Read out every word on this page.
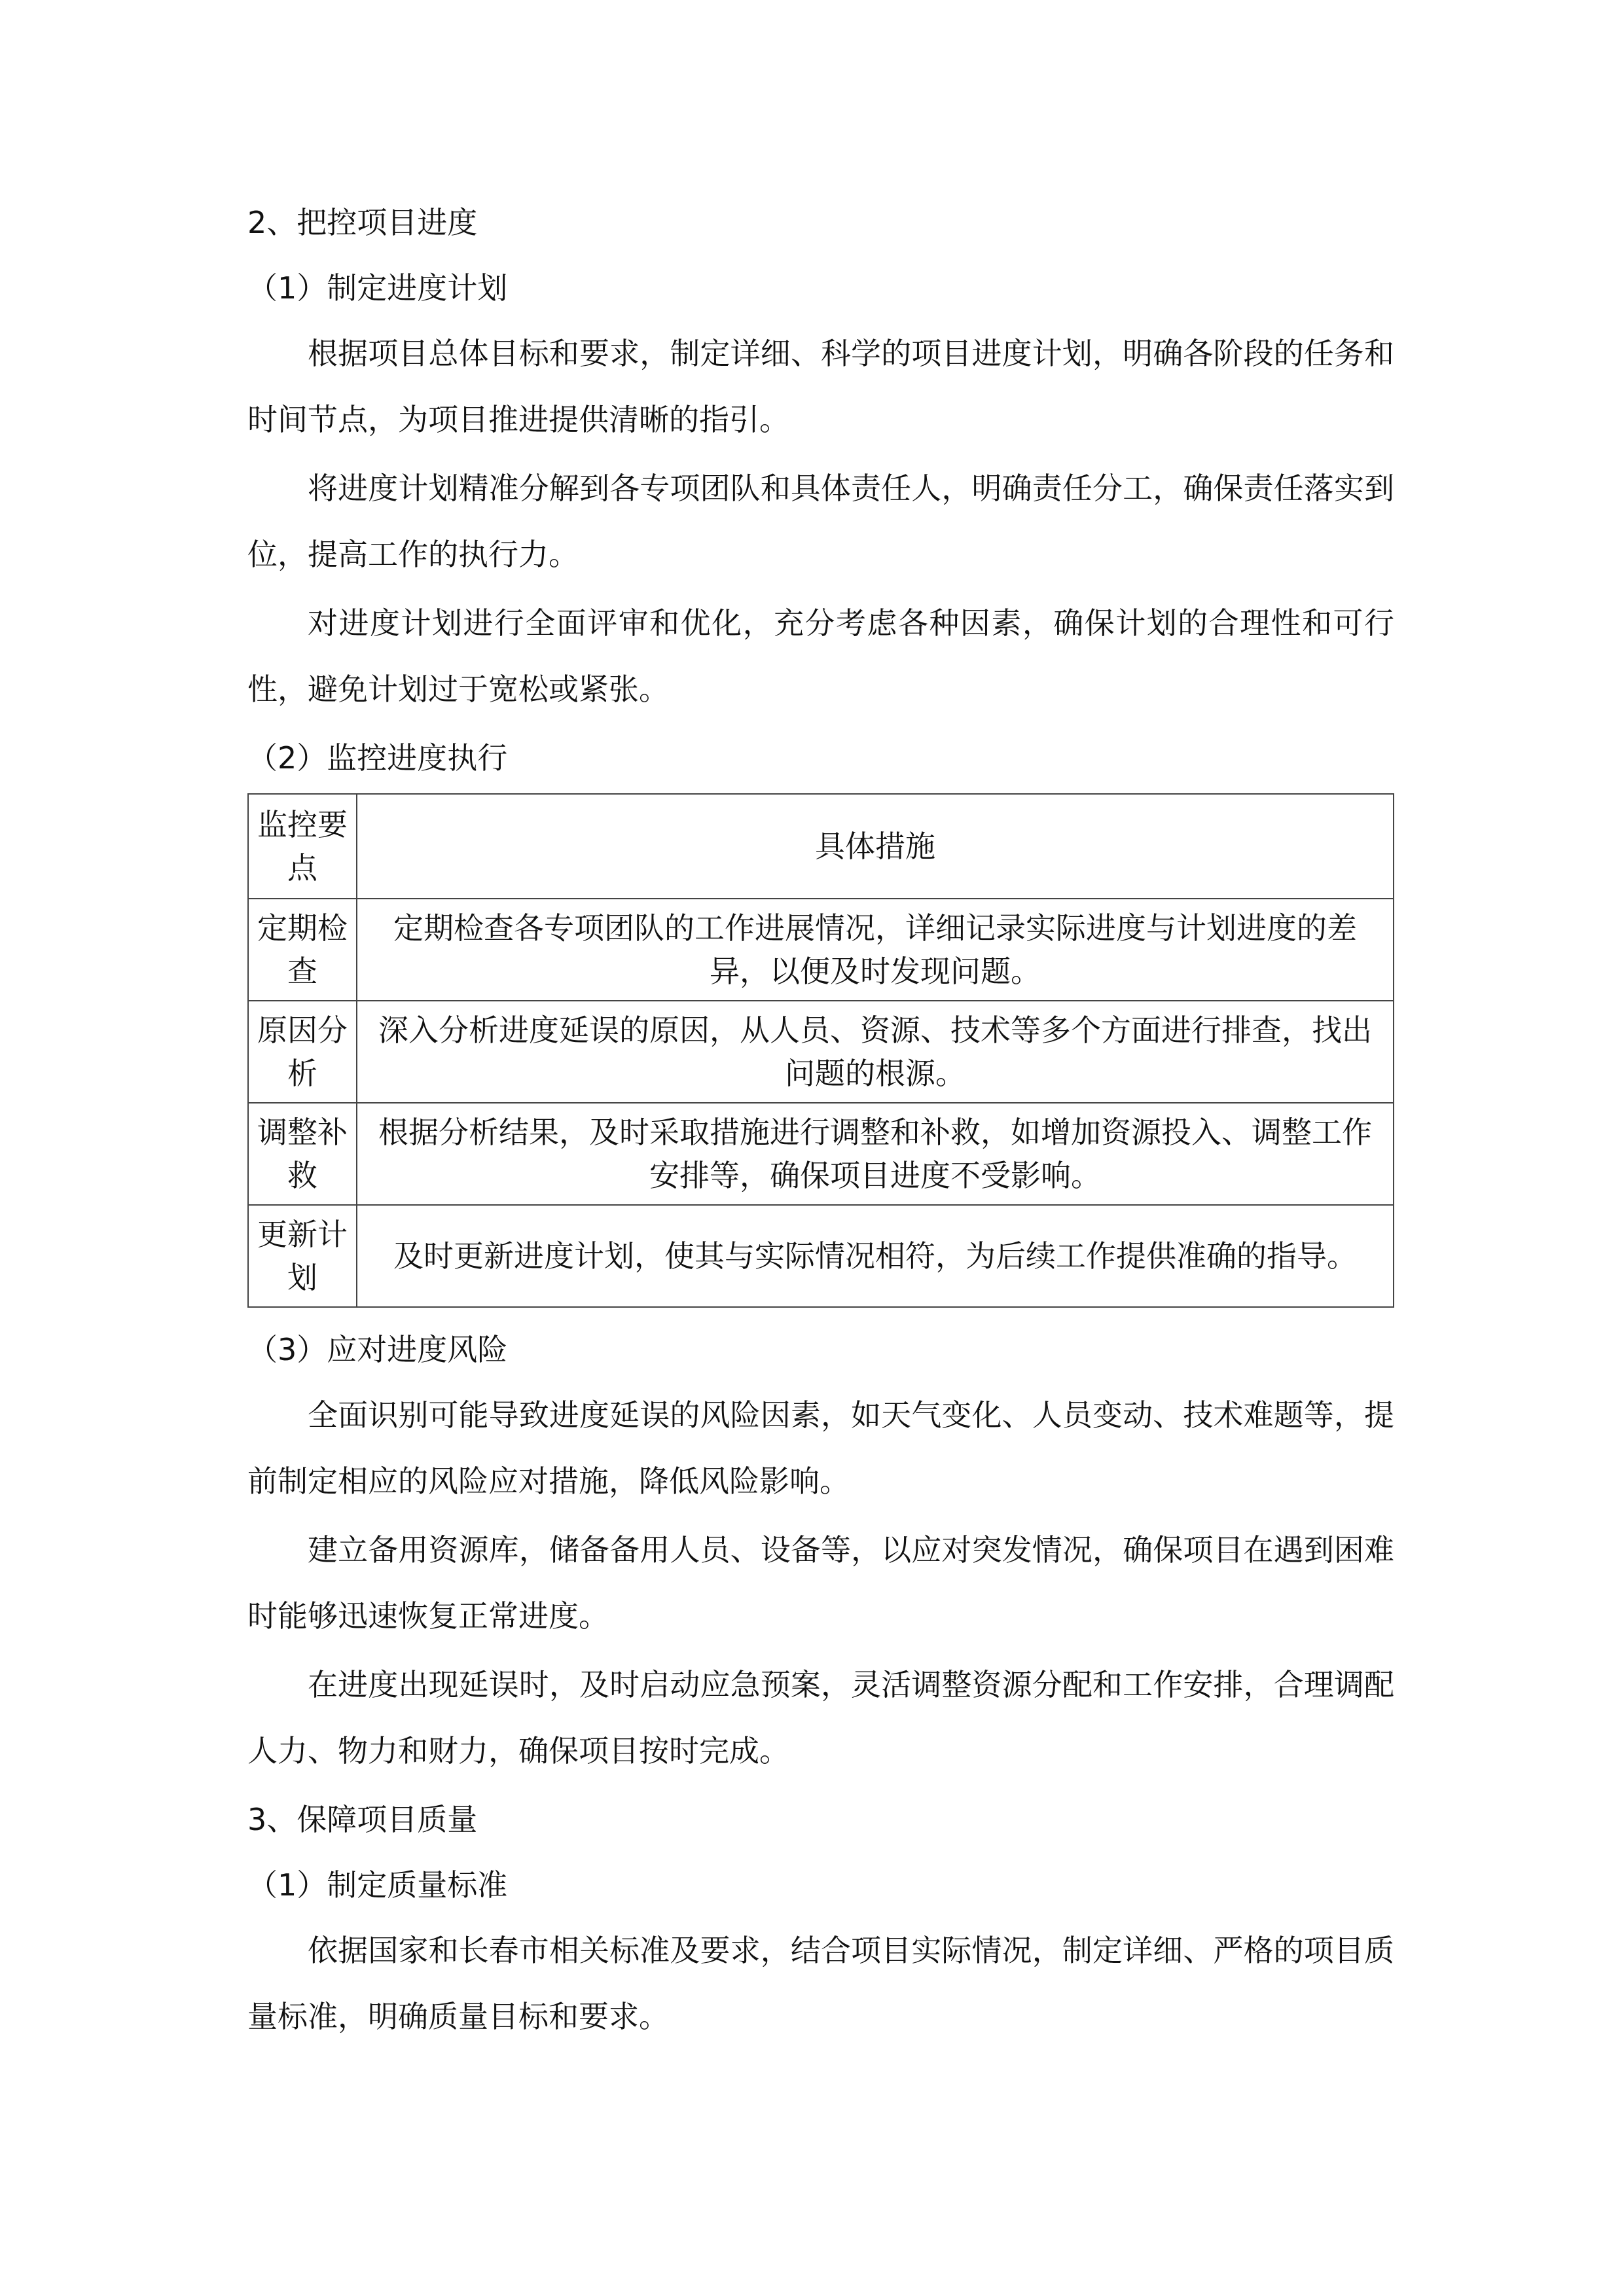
2、把控项目进度

（1）制定进度计划

根据项目总体目标和要求，制定详细、科学的项目进度计划，明确各阶段的任务和时间节点，为项目推进提供清晰的指引。

将进度计划精准分解到各专项团队和具体责任人，明确责任分工，确保责任落实到位，提高工作的执行力。

对进度计划进行全面评审和优化，充分考虑各种因素，确保计划的合理性和可行性，避免计划过于宽松或紧张。

（2）监控进度执行

监控要点	具体措施
定期检查	定期检查各专项团队的工作进展情况，详细记录实际进度与计划进度的差异，以便及时发现问题。
原因分析	深入分析进度延误的原因，从人员、资源、技术等多个方面进行排查，找出问题的根源。
调整补救	根据分析结果，及时采取措施进行调整和补救，如增加资源投入、调整工作安排等，确保项目进度不受影响。
更新计划	及时更新进度计划，使其与实际情况相符，为后续工作提供准确的指导。

（3）应对进度风险

全面识别可能导致进度延误的风险因素，如天气变化、人员变动、技术难题等，提前制定相应的风险应对措施，降低风险影响。

建立备用资源库，储备备用人员、设备等，以应对突发情况，确保项目在遇到困难时能够迅速恢复正常进度。

在进度出现延误时，及时启动应急预案，灵活调整资源分配和工作安排，合理调配人力、物力和财力，确保项目按时完成。

3、保障项目质量

（1）制定质量标准

依据国家和长春市相关标准及要求，结合项目实际情况，制定详细、严格的项目质量标准，明确质量目标和要求。
